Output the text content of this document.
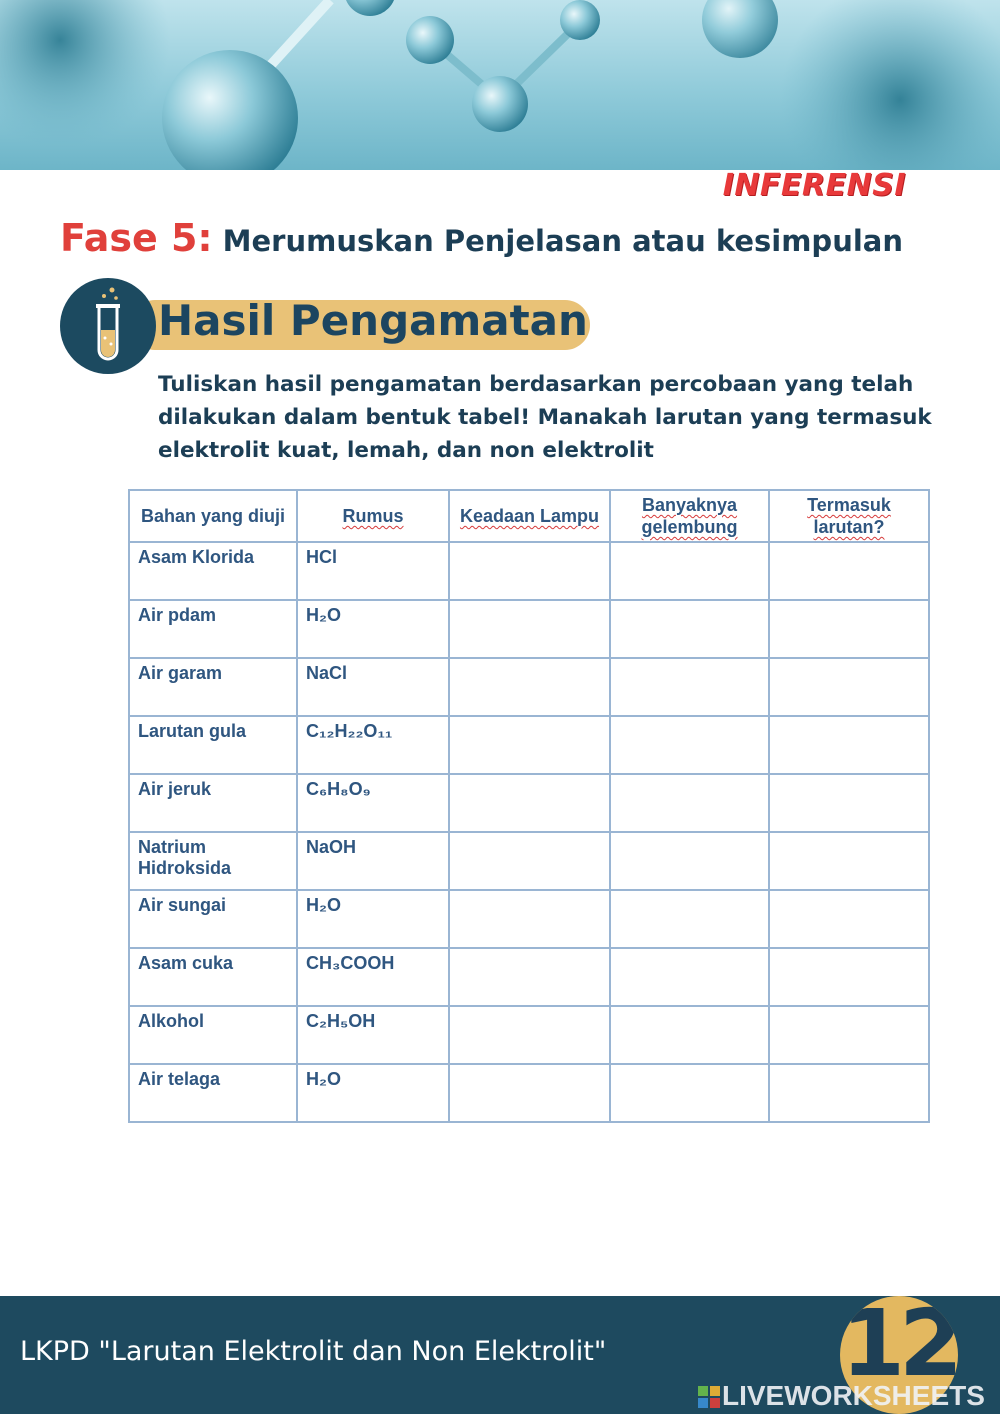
INFERENSI
Fase 5: Merumuskan Penjelasan atau kesimpulan
Hasil Pengamatan
Tuliskan hasil pengamatan berdasarkan percobaan yang telah dilakukan dalam bentuk tabel! Manakah larutan yang termasuk elektrolit kuat, lemah, dan non elektrolit
Bahan yang diuji	Rumus	Keadaan Lampu	Banyaknya gelembung	Termasuk larutan?
Asam Klorida	HCl			
Air pdam	H₂O			
Air garam	NaCl			
Larutan gula	C₁₂H₂₂O₁₁			
Air jeruk	C₆H₈O₉			
Natrium Hidroksida	NaOH			
Air sungai	H₂O			
Asam cuka	CH₃COOH			
Alkohol	C₂H₅OH			
Air telaga	H₂O			
LKPD "Larutan Elektrolit dan Non Elektrolit"	12
LIVEWORKSHEETS
